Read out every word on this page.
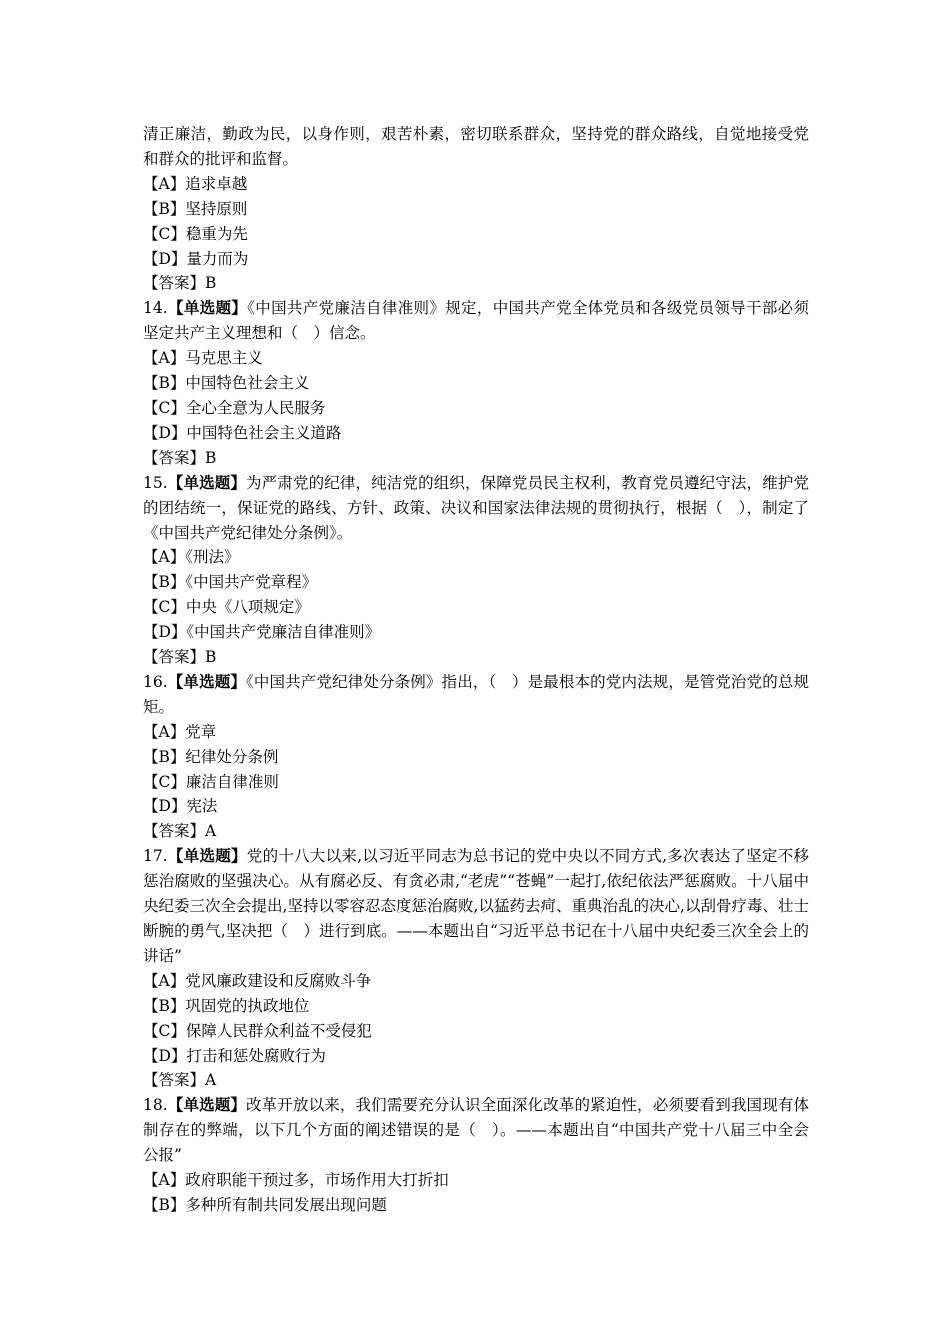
清正廉洁，勤政为民，以身作则，艰苦朴素，密切联系群众，坚持党的群众路线，自觉地接受党和群众的批评和监督。

【A】追求卓越

【B】坚持原则

【C】稳重为先

【D】量力而为

【答案】B

14.【单选题】《中国共产党廉洁自律准则》规定，中国共产党全体党员和各级党员领导干部必须坚定共产主义理想和（　）信念。

【A】马克思主义

【B】中国特色社会主义

【C】全心全意为人民服务

【D】中国特色社会主义道路

【答案】B

15.【单选题】为严肃党的纪律，纯洁党的组织，保障党员民主权利，教育党员遵纪守法，维护党的团结统一，保证党的路线、方针、政策、决议和国家法律法规的贯彻执行，根据（　），制定了《中国共产党纪律处分条例》。

【A】《刑法》

【B】《中国共产党章程》

【C】中央《八项规定》

【D】《中国共产党廉洁自律准则》

【答案】B

16.【单选题】《中国共产党纪律处分条例》指出，（　）是最根本的党内法规，是管党治党的总规矩。

【A】党章

【B】纪律处分条例

【C】廉洁自律准则

【D】宪法

【答案】A

17.【单选题】党的十八大以来,以习近平同志为总书记的党中央以不同方式,多次表达了坚定不移惩治腐败的坚强决心。从有腐必反、有贪必肃,“老虎”“苍蝇”一起打,依纪依法严惩腐败。十八届中央纪委三次全会提出,坚持以零容忍态度惩治腐败,以猛药去疴、重典治乱的决心,以刮骨疗毒、壮士断腕的勇气,坚决把（　）进行到底。——本题出自“习近平总书记在十八届中央纪委三次全会上的讲话”

【A】党风廉政建设和反腐败斗争

【B】巩固党的执政地位

【C】保障人民群众利益不受侵犯

【D】打击和惩处腐败行为

【答案】A

18.【单选题】改革开放以来，我们需要充分认识全面深化改革的紧迫性，必须要看到我国现有体制存在的弊端，以下几个方面的阐述错误的是（　）。——本题出自“中国共产党十八届三中全会公报”

【A】政府职能干预过多，市场作用大打折扣

【B】多种所有制共同发展出现问题
